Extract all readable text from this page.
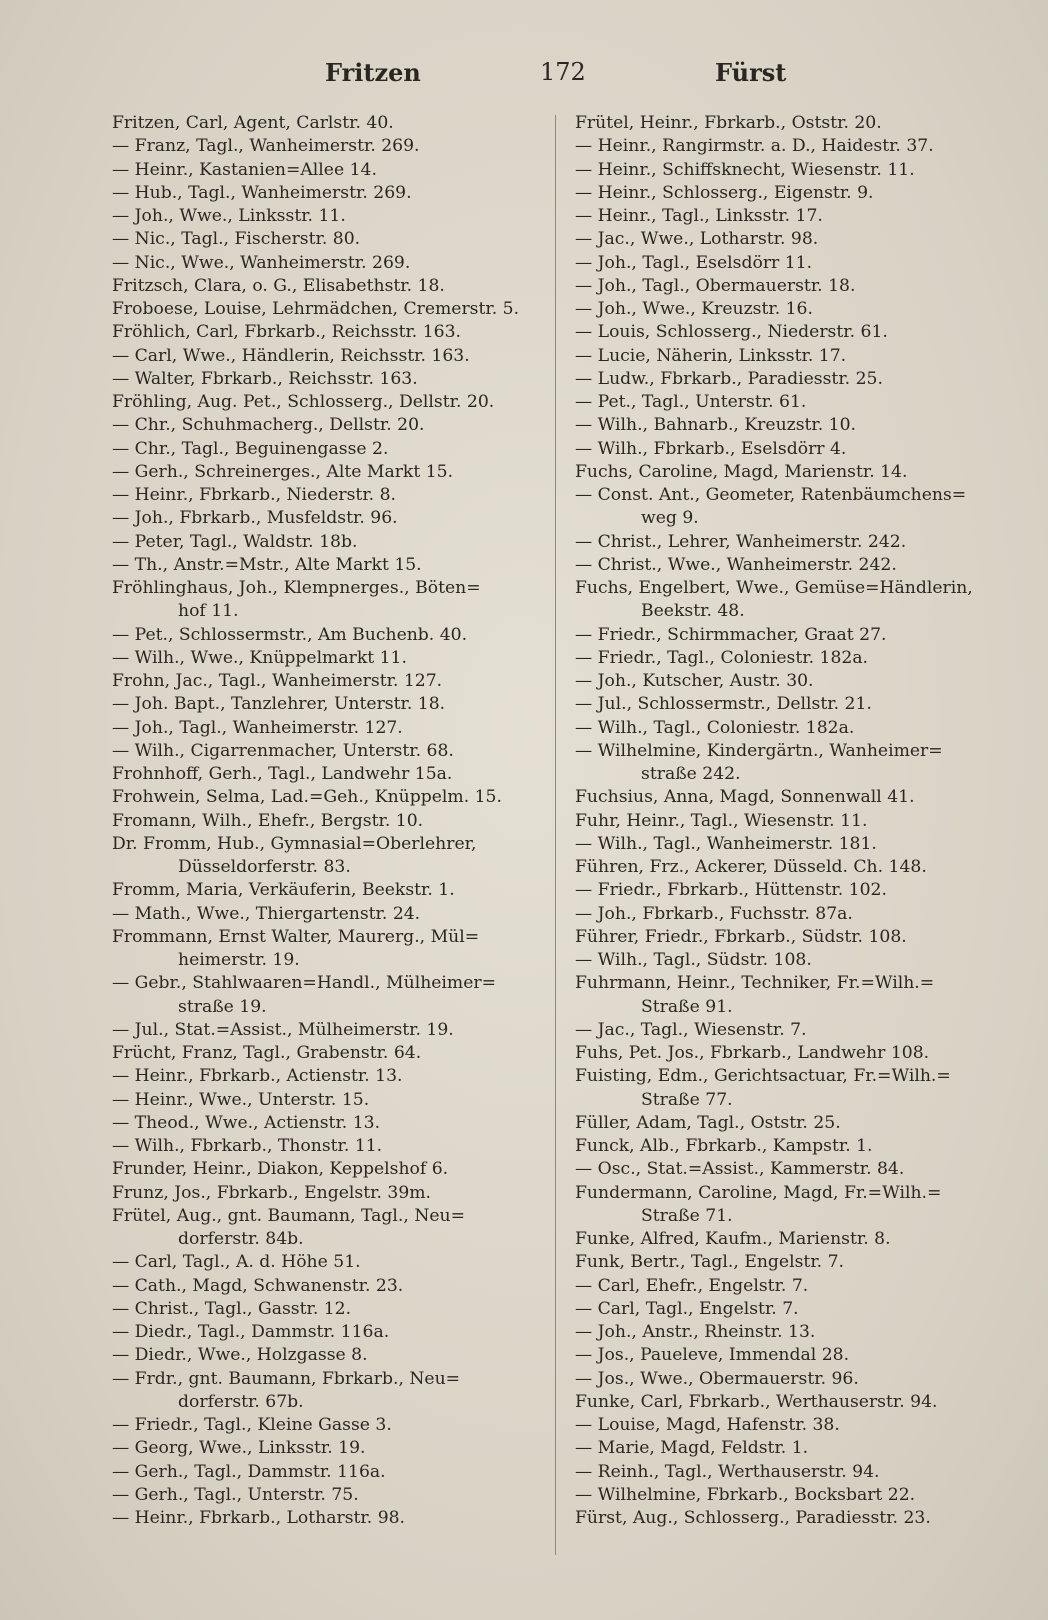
Fritzen	172	Fürst
Fritzen, Carl, Agent, Carlstr. 40.
— Franz, Tagl., Wanheimerstr. 269.
— Heinr., Kastanien=Allee 14.
— Hub., Tagl., Wanheimerstr. 269.
— Joh., Wwe., Linksstr. 11.
— Nic., Tagl., Fischerstr. 80.
— Nic., Wwe., Wanheimerstr. 269.
Fritzsch, Clara, o. G., Elisabethstr. 18.
Froboese, Louise, Lehrmädchen, Cremerstr. 5.
Fröhlich, Carl, Fbrkarb., Reichsstr. 163.
— Carl, Wwe., Händlerin, Reichsstr. 163.
— Walter, Fbrkarb., Reichsstr. 163.
Fröhling, Aug. Pet., Schlosserg., Dellstr. 20.
— Chr., Schuhmacherg., Dellstr. 20.
— Chr., Tagl., Beguinengasse 2.
— Gerh., Schreinerges., Alte Markt 15.
— Heinr., Fbrkarb., Niederstr. 8.
— Joh., Fbrkarb., Musfeldstr. 96.
— Peter, Tagl., Waldstr. 18b.
— Th., Anstr.=Mstr., Alte Markt 15.
Fröhlinghaus, Joh., Klempnerges., Böten=
hof 11.
— Pet., Schlossermstr., Am Buchenb. 40.
— Wilh., Wwe., Knüppelmarkt 11.
Frohn, Jac., Tagl., Wanheimerstr. 127.
— Joh. Bapt., Tanzlehrer, Unterstr. 18.
— Joh., Tagl., Wanheimerstr. 127.
— Wilh., Cigarrenmacher, Unterstr. 68.
Frohnhoff, Gerh., Tagl., Landwehr 15a.
Frohwein, Selma, Lad.=Geh., Knüppelm. 15.
Fromann, Wilh., Ehefr., Bergstr. 10.
Dr. Fromm, Hub., Gymnasial=Oberlehrer,
Düsseldorferstr. 83.
Fromm, Maria, Verkäuferin, Beekstr. 1.
— Math., Wwe., Thiergartenstr. 24.
Frommann, Ernst Walter, Maurerg., Mül=
heimerstr. 19.
— Gebr., Stahlwaaren=Handl., Mülheimer=
straße 19.
— Jul., Stat.=Assist., Mülheimerstr. 19.
Frücht, Franz, Tagl., Grabenstr. 64.
— Heinr., Fbrkarb., Actienstr. 13.
— Heinr., Wwe., Unterstr. 15.
— Theod., Wwe., Actienstr. 13.
— Wilh., Fbrkarb., Thonstr. 11.
Frunder, Heinr., Diakon, Keppelshof 6.
Frunz, Jos., Fbrkarb., Engelstr. 39m.
Frütel, Aug., gnt. Baumann, Tagl., Neu=
dorferstr. 84b.
— Carl, Tagl., A. d. Höhe 51.
— Cath., Magd, Schwanenstr. 23.
— Christ., Tagl., Gasstr. 12.
— Diedr., Tagl., Dammstr. 116a.
— Diedr., Wwe., Holzgasse 8.
— Frdr., gnt. Baumann, Fbrkarb., Neu=
dorferstr. 67b.
— Friedr., Tagl., Kleine Gasse 3.
— Georg, Wwe., Linksstr. 19.
— Gerh., Tagl., Dammstr. 116a.
— Gerh., Tagl., Unterstr. 75.
— Heinr., Fbrkarb., Lotharstr. 98.
Frütel, Heinr., Fbrkarb., Oststr. 20.
— Heinr., Rangirmstr. a. D., Haidestr. 37.
— Heinr., Schiffsknecht, Wiesenstr. 11.
— Heinr., Schlosserg., Eigenstr. 9.
— Heinr., Tagl., Linksstr. 17.
— Jac., Wwe., Lotharstr. 98.
— Joh., Tagl., Eselsdörr 11.
— Joh., Tagl., Obermauerstr. 18.
— Joh., Wwe., Kreuzstr. 16.
— Louis, Schlosserg., Niederstr. 61.
— Lucie, Näherin, Linksstr. 17.
— Ludw., Fbrkarb., Paradiesstr. 25.
— Pet., Tagl., Unterstr. 61.
— Wilh., Bahnarb., Kreuzstr. 10.
— Wilh., Fbrkarb., Eselsdörr 4.
Fuchs, Caroline, Magd, Marienstr. 14.
— Const. Ant., Geometer, Ratenbäumchens=
weg 9.
— Christ., Lehrer, Wanheimerstr. 242.
— Christ., Wwe., Wanheimerstr. 242.
Fuchs, Engelbert, Wwe., Gemüse=Händlerin,
Beekstr. 48.
— Friedr., Schirmmacher, Graat 27.
— Friedr., Tagl., Coloniestr. 182a.
— Joh., Kutscher, Austr. 30.
— Jul., Schlossermstr., Dellstr. 21.
— Wilh., Tagl., Coloniestr. 182a.
— Wilhelmine, Kindergärtn., Wanheimer=
straße 242.
Fuchsius, Anna, Magd, Sonnenwall 41.
Fuhr, Heinr., Tagl., Wiesenstr. 11.
— Wilh., Tagl., Wanheimerstr. 181.
Führen, Frz., Ackerer, Düsseld. Ch. 148.
— Friedr., Fbrkarb., Hüttenstr. 102.
— Joh., Fbrkarb., Fuchsstr. 87a.
Führer, Friedr., Fbrkarb., Südstr. 108.
— Wilh., Tagl., Südstr. 108.
Fuhrmann, Heinr., Techniker, Fr.=Wilh.=
Straße 91.
— Jac., Tagl., Wiesenstr. 7.
Fuhs, Pet. Jos., Fbrkarb., Landwehr 108.
Fuisting, Edm., Gerichtsactuar, Fr.=Wilh.=
Straße 77.
Füller, Adam, Tagl., Oststr. 25.
Funck, Alb., Fbrkarb., Kampstr. 1.
— Osc., Stat.=Assist., Kammerstr. 84.
Fundermann, Caroline, Magd, Fr.=Wilh.=
Straße 71.
Funke, Alfred, Kaufm., Marienstr. 8.
Funk, Bertr., Tagl., Engelstr. 7.
— Carl, Ehefr., Engelstr. 7.
— Carl, Tagl., Engelstr. 7.
— Joh., Anstr., Rheinstr. 13.
— Jos., Paueleve, Immendal 28.
— Jos., Wwe., Obermauerstr. 96.
Funke, Carl, Fbrkarb., Werthauserstr. 94.
— Louise, Magd, Hafenstr. 38.
— Marie, Magd, Feldstr. 1.
— Reinh., Tagl., Werthauserstr. 94.
— Wilhelmine, Fbrkarb., Bocksbart 22.
Fürst, Aug., Schlosserg., Paradiesstr. 23.
